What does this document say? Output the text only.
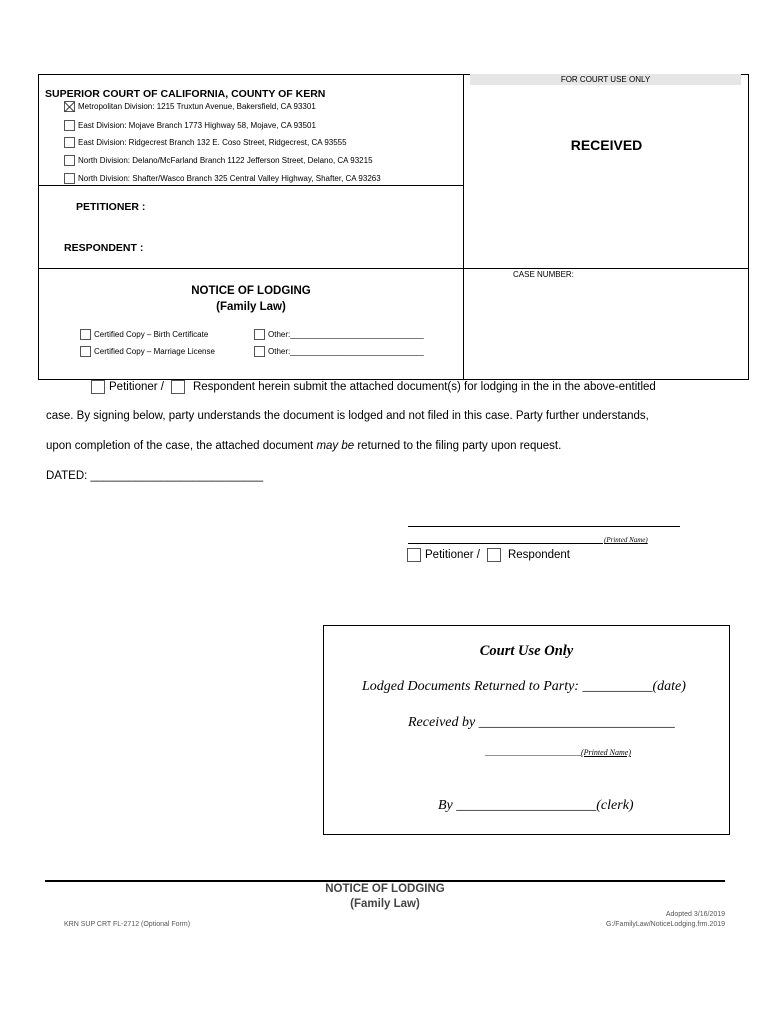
FOR COURT USE ONLY
RECEIVED
SUPERIOR COURT OF CALIFORNIA, COUNTY OF KERN
Metropolitan Division: 1215 Truxtun Avenue, Bakersfield, CA 93301
East Division: Mojave Branch 1773 Highway 58, Mojave, CA 93501
East Division: Ridgecrest Branch 132 E. Coso Street, Ridgecrest, CA 93555
North Division: Delano/McFarland Branch 1122 Jefferson Street, Delano, CA 93215
North Division: Shafter/Wasco Branch 325 Central Valley Highway, Shafter, CA 93263
PETITIONER :
RESPONDENT :
CASE NUMBER:
NOTICE OF LODGING
(Family Law)
Certified Copy – Birth Certificate	Other:______________________________
Certified Copy – Marriage License	Other:______________________________
Petitioner /	Respondent herein submit the attached document(s) for lodging in the in the above-entitled
case. By signing below, party understands the document is lodged and not filed in this case. Party further understands,
upon completion of the case, the attached document may be returned to the filing party upon request.
DATED: ___________________________
(Printed Name)
Petitioner / Respondent
Court Use Only
Lodged Documents Returned to Party: __________(date)
Received by ____________________________
________________________(Printed Name)
By ____________________(clerk)
NOTICE OF LODGING
(Family Law)
KRN SUP CRT FL-2712 (Optional Form)
Adopted 3/16/2019
G:/FamilyLaw/NoticeLodging.frm.2019
